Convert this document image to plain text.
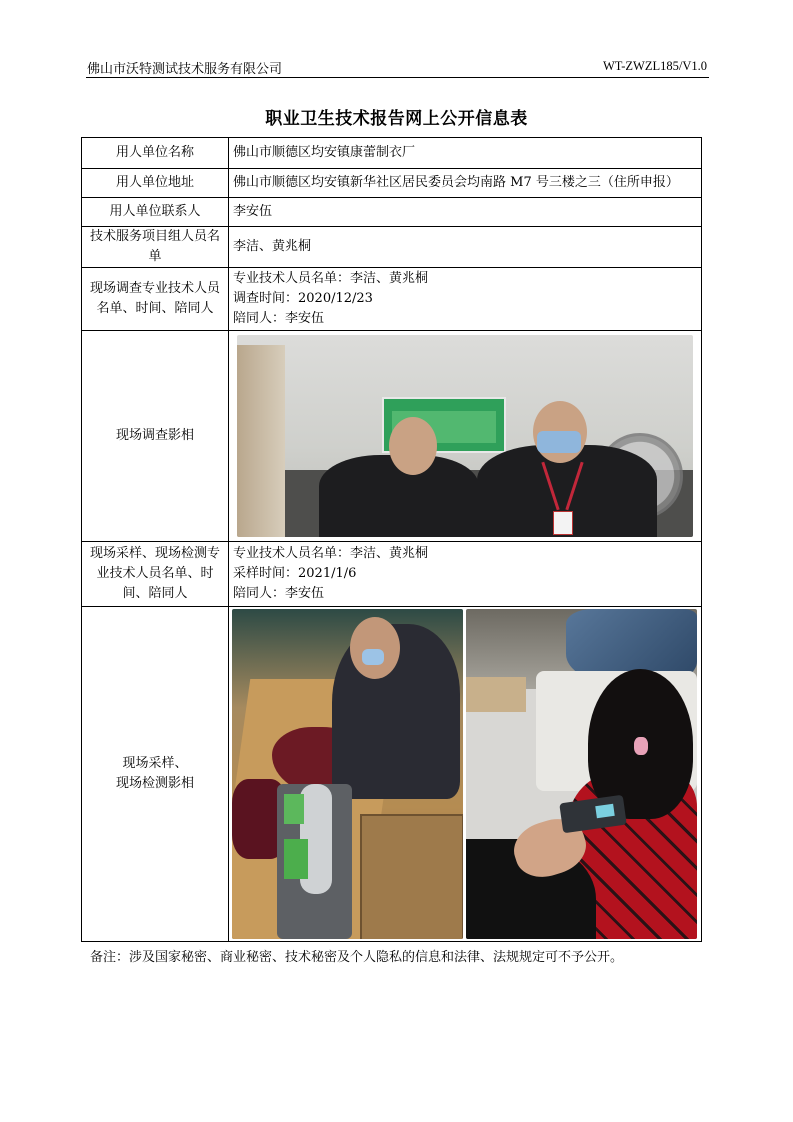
佛山市沃特测试技术服务有限公司	WT-ZWZL185/V1.0
职业卫生技术报告网上公开信息表
用人单位名称	佛山市顺德区均安镇康蕾制衣厂
用人单位地址	佛山市顺德区均安镇新华社区居民委员会均南路 M7 号三楼之三（住所申报）
用人单位联系人	李安伍
技术服务项目组人员名单	李洁、黄兆桐
现场调查专业技术人员名单、时间、陪同人	专业技术人员名单：李洁、黄兆桐
调查时间：2020/12/23
陪同人：李安伍

现场调查影相	

现场采样、现场检测专业技术人员名单、时间、陪同人	专业技术人员名单：李洁、黄兆桐
采样时间：2021/1/6
陪同人：李安伍

现场采样、
现场检测影相	

备注：涉及国家秘密、商业秘密、技术秘密及个人隐私的信息和法律、法规规定可不予公开。
